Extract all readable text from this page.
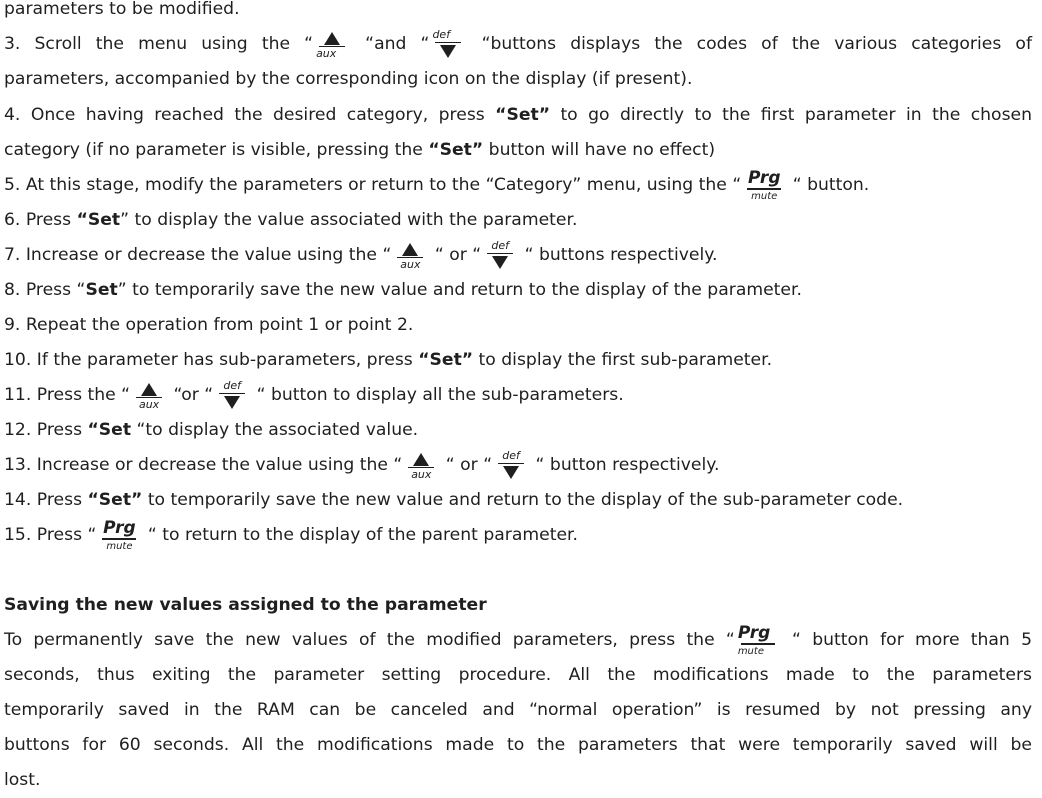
parameters to be modified.
3. Scroll the menu using the “ aux “and “ def	“buttons displays the codes of the various categories of
parameters, accompanied by the corresponding icon on the display (if present).
4. Once having reached the desired category, press “Set” to go directly to the first parameter in the chosen
category (if no parameter is visible, pressing the “Set” button will have no effect)
5. At this stage, modify the parameters or return to the “Category” menu, using the “ Prg
mute
“ button.
6. Press “Set” to display the value associated with the parameter.
7. Increase or decrease the value using the “ aux “ or “ def “ buttons respectively.
8. Press “Set” to temporarily save the new value and return to the display of the parameter.
9. Repeat the operation from point 1 or point 2.
10. If the parameter has sub-parameters, press “Set” to display the first sub-parameter.
11. Press the “ aux “or “ def “ button to display all the sub-parameters.
12. Press “Set “to display the associated value.
13. Increase or decrease the value using the “ aux “ or “ def “ button respectively.
14. Press “Set” to temporarily save the new value and return to the display of the sub-parameter code.
15. Press “ Prg
mute
“ to return to the display of the parent parameter.
Saving the new values assigned to the parameter
To permanently save the new values of the modified parameters, press the “ Prg
mute
“ button for more than 5
seconds, thus exiting the parameter setting procedure. All the modifications made to the parameters
temporarily saved in the RAM can be canceled and “normal operation” is resumed by not pressing any
buttons for 60 seconds. All the modifications made to the parameters that were temporarily saved will be
lost.
